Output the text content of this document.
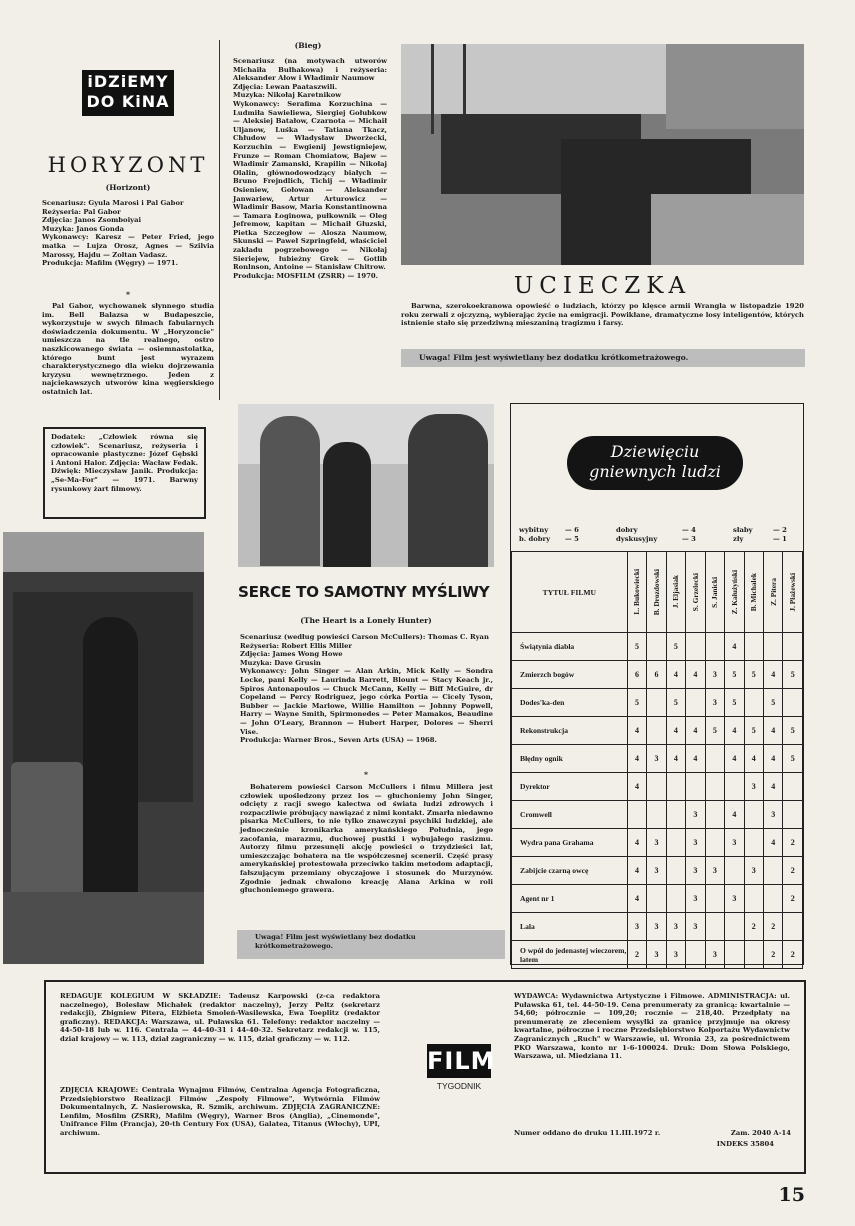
iDZiEMY
DO KiNA
HORYZONT
(Horizont)
Scenariusz: Gyula Marosi i Pal Gabor
Reżyseria: Pal Gabor
Zdjęcia: Janos Zsomboiyai
Muzyka: Janos Gonda
Wykonawcy: Karesz — Peter Fried, jego matka — Lujza Orosz, Agnes — Szilvia Marossy, Hajdu — Zoltan Vadasz.
Produkcja: Mafilm (Węgry) — 1971.
*
Pal Gabor, wychowanek słynnego studia im. Bell Balazsa w Budapeszcie, wykorzystuje w swych filmach fabularnych doświadczenia dokumentu. W „Horyzoncie" umieszcza na tle realnego, ostro naszkicowanego świata — osiemnastolatka, którego bunt jest wyrazem charakterystycznego dla wieku dojrzewania kryzysu wewnętrznego. Jeden z najciekawszych utworów kina węgierskiego ostatnich lat.
Dodatek: „Człowiek równa się człowiek". Scenariusz, reżyseria i opracowanie plastyczne: Józef Gębski i Antoni Halor. Zdjęcia: Wacław Fedak. Dźwięk: Mieczysław Janik. Produkcja: „Se-Ma-For" — 1971. Barwny rysunkowy żart filmowy.
(Bieg)
Scenariusz (na motywach utworów Michaiła Bułhakowa) i reżyseria: Aleksander Ałow i Władimir Naumow
Zdjęcia: Lewan Paataszwili.
Muzyka: Nikołaj Karetnikow
Wykonawcy: Serafima Korzuchina — Ludmiła Sawieliewa, Siergiej Gołubkow — Aleksiej Batałow, Czarnota — Michaił Uljanow, Luśka — Tatiana Tkacz, Chłudow — Władysław Dworżecki, Korzuchin — Ewgienij Jewstigniejew, Frunze — Roman Chomiatow, Bajew — Władimir Zamanski, Krapilin — Nikołaj Olalin, głównodowodzący białych — Bruno Frejndlich, Tichij — Władimir Osieniew, Gołowan — Aleksander Janwariew, Artur Arturowicz — Władimir Basow, Maria Konstantinowna — Tamara Łoginowa, pułkownik — Oleg Jefremow, kapitan — Michaił Głuzski, Pietka Szczegłow — Alosza Naumow, Skunski — Paweł Szpringfeld, właściciel zakładu pogrzebowego — Nikołaj Sieriejew, łubieżny Grek — Gotlib Ronlnson, Antoine — Stanisław Chitrow.
Produkcja: MOSFILM (ZSRR) — 1970.	UCIECZKA
Barwna, szerokoekranowa opowieść o ludziach, którzy po klęsce armii Wrangla w listopadzie 1920 roku zerwali z ojczyzną, wybierając życie na emigracji. Powikłane, dramatyczne losy inteligentów, których istnienie stało się przedziwną mieszaniną tragizmu i farsy.
Uwaga! Film jest wyświetlany bez dodatku krótkometrażowego.
SERCE TO SAMOTNY MYŚLIWY
(The Heart is a Lonely Hunter)
Scenariusz (według powieści Carson McCullers): Thomas C. Ryan
Reżyseria: Robert Ellis Miller
Zdjęcia: James Wong Howe
Muzyka: Dave Grusin
Wykonawcy: John Singer — Alan Arkin, Mick Kelly — Sondra Locke, pani Kelly — Laurinda Barrett, Blount — Stacy Keach jr., Spiros Antonapoulos — Chuck McCann, Kelly — Biff McGuire, dr Copeland — Percy Rodriguez, jego córka Portia — Cicely Tyson, Bubber — Jackie Marlowe, Willie Hamilton — Johnny Popwell, Harry — Wayne Smith, Spirmonedes — Peter Mamakos, Beaudine — John O'Leary, Brannon — Hubert Harper, Dolores — Sherri Vise.
Produkcja: Warner Bros., Seven Arts (USA) — 1968.
*
Bohaterem powieści Carson McCullers i filmu Millera jest człowiek upośledzony przez los — głuchoniemy John Singer, odcięty z racji swego kalectwa od świata ludzi zdrowych i rozpaczliwie próbujący nawiązać z nimi kontakt. Zmarła niedawno pisarka McCullers, to nie tylko znawczyni psychiki ludzkiej, ale jednocześnie kronikarka amerykańskiego Południa, jego zacofania, marazmu, duchowej pustki i wybujałego rasizmu. Autorzy filmu przesunęli akcję powieści o trzydzieści lat, umieszczając bohatera na tle współczesnej scenerii. Część prasy amerykańskiej protestowała przeciwko takim metodom adaptacji, fałszującym przemiany obyczajowe i stosunek do Murzynów. Zgodnie jednak chwalono kreację Alana Arkina w roli głuchoniemego grawera.
Uwaga! Film jest wyświetlany bez dodatku krótkometrażowego.
Dziewięciu
gniewnych ludzi
wybitny	— 6
b. dobry	— 5
dobry	— 4
dyskusyjny	— 3
słaby	— 2
zły	— 1
TYTUŁ FILMU	L. Bukowiecki	B. Drozdowski	J. Eljasiak	S. Grzelecki	S. Janicki	Z. Kałużyński	B. Michalek	Z. Pitera	J. Płażewski

Świątynia diabła	5		5			4			
Zmierzch bogów	6	6	4	4	3	5	5	4	5
Dodes'ka-den	5		5		3	5		5	
Rekonstrukcja	4		4	4	5	4	5	4	5
Błędny ognik	4	3	4	4		4	4	4	5
Dyrektor	4						3	4	
Cromwell				3		4		3	
Wydra pana Grahama	4	3		3		3		4	2
Zabijcie czarną owcę	4	3		3	3		3		2
Agent nr 1	4			3		3			2
Lala	3	3	3	3			2	2	
O wpół do jedenastej wieczorem, latem	2	3	3		3			2	2
REDAGUJE KOLEGIUM W SKŁADZIE: Tadeusz Karpowski (z-ca redaktora naczelnego), Bolesław Michałek (redaktor naczelny), Jerzy Peltz (sekretarz redakcji), Zbigniew Pitera, Elżbieta Smoleń-Wasilewska, Ewa Toeplitz (redaktor graficzny). REDAKCJA: Warszawa, ul. Puławska 61. Telefony: redaktor naczelny — 44-50-18 lub w. 116. Centrala — 44-40-31 i 44-40-32. Sekretarz redakcji w. 115, dział krajowy — w. 113, dział zagraniczny — w. 115, dział graficzny — w. 112.
ZDJĘCIA KRAJOWE: Centrala Wynajmu Filmów, Centralna Agencja Fotograficzna, Przedsiębiorstwo Realizacji Filmów „Zespoły Filmowe", Wytwórnia Filmów Dokumentalnych, Z. Nasierowska, R. Szmik, archiwum. ZDJĘCIA ZAGRANICZNE: Lenfilm, Mosfilm (ZSRR), Mafilm (Węgry), Warner Bros (Anglia), „Cinemonde", Unifrance Film (Francja), 20-th Century Fox (USA), Galatea, Titanus (Włochy), UPI, archiwum.
FILM
TYGODNIK
WYDAWCA: Wydawnictwa Artystyczne i Filmowe. ADMINISTRACJA: ul. Puławska 61, tel. 44-50-19. Cena prenumeraty za granicą: kwartalnie — 54,60; półrocznie — 109,20; rocznie — 218,40. Przedpłaty na prenumeratę ze zleceniem wysyłki za granicę przyjmuje na okresy kwartalne, półroczne i roczne Przedsiębiorstwo Kolportażu Wydawnictw Zagranicznych „Ruch" w Warszawie, ul. Wronia 23, za pośrednictwem PKO Warszawa, konto nr 1-6-100024. Druk: Dom Słowa Polskiego, Warszawa, ul. Miedziana 11.
Numer oddano do druku 11.III.1972 r.	Zam. 2040 A-14
INDEKS 35804
15
